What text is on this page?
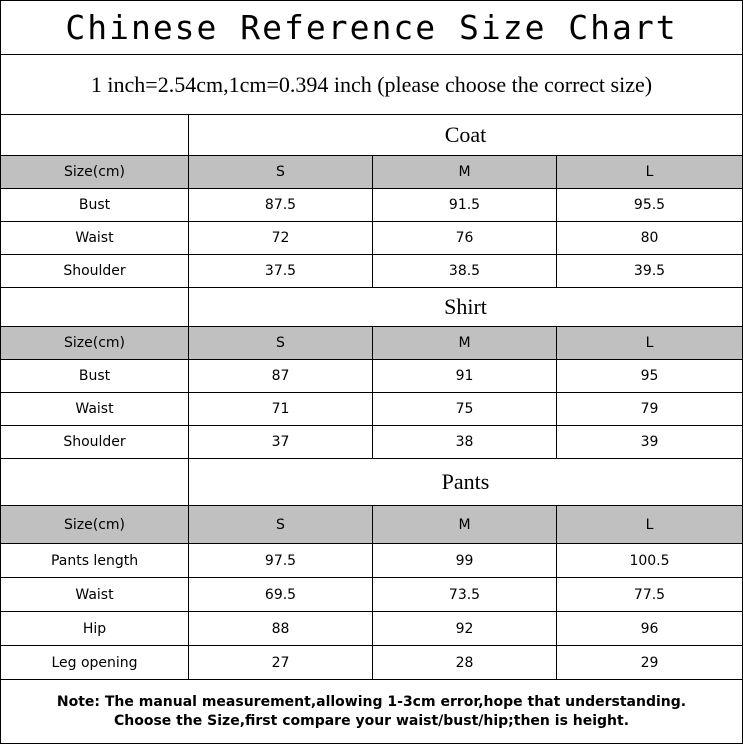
Chinese Reference Size Chart
1 inch=2.54cm,1cm=0.394 inch (please choose the correct size)
Coat
Size(cm)	S	M	L
Bust	87.5	91.5	95.5
Waist	72	76	80
Shoulder	37.5	38.5	39.5
Shirt
Size(cm)	S	M	L
Bust	87	91	95
Waist	71	75	79
Shoulder	37	38	39
Pants
Size(cm)	S	M	L
Pants length	97.5	99	100.5
Waist	69.5	73.5	77.5
Hip	88	92	96
Leg opening	27	28	29
Note: The manual measurement,allowing 1-3cm error,hope that understanding.
Choose the Size,first compare your waist/bust/hip;then is height.
